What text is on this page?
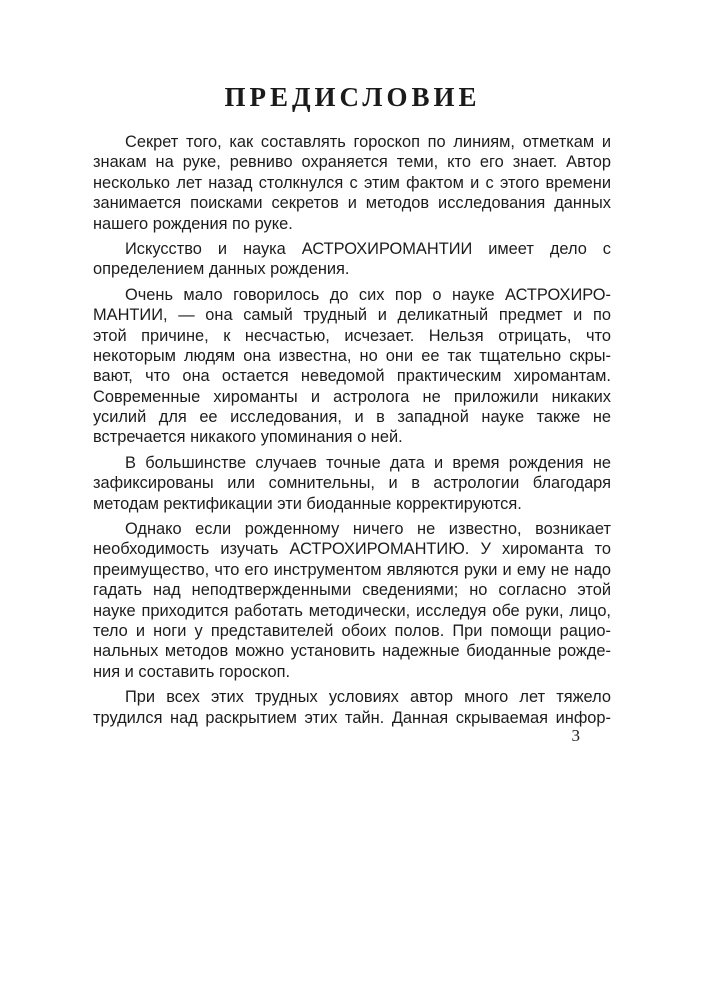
ПРЕДИСЛОВИЕ

Секрет того, как составлять гороскоп по линиям, отметкам и
знакам на руке, ревниво охраняется теми, кто его знает. Автор
несколько лет назад столкнулся с этим фактом и с этого времени
занимается поисками секретов и методов исследования данных
нашего рождения по руке.

Искусство и наука АСТРОХИРОМАНТИИ имеет дело с
определением данных рождения.

Очень мало говорилось до сих пор о науке АСТРОХИРО-
МАНТИИ, — она самый трудный и деликатный предмет и по
этой причине, к несчастью, исчезает. Нельзя отрицать, что
некоторым людям она известна, но они ее так тщательно скры-
вают, что она остается неведомой практическим хиромантам.
Современные хироманты и астролога не приложили никаких
усилий для ее исследования, и в западной науке также не
встречается никакого упоминания о ней.

В большинстве случаев точные дата и время рождения не
зафиксированы или сомнительны, и в астрологии благодаря
методам ректификации эти биоданные корректируются.

Однако если рожденному ничего не известно, возникает
необходимость изучать АСТРОХИРОМАНТИЮ. У хироманта то
преимущество, что его инструментом являются руки и ему не надо
гадать над неподтвержденными сведениями; но согласно этой
науке приходится работать методически, исследуя обе руки, лицо,
тело и ноги у представителей обоих полов. При помощи рацио-
нальных методов можно установить надежные биоданные рожде-
ния и составить гороскоп.

При всех этих трудных условиях автор много лет тяжело
трудился над раскрытием этих тайн. Данная скрываемая инфор-

3
